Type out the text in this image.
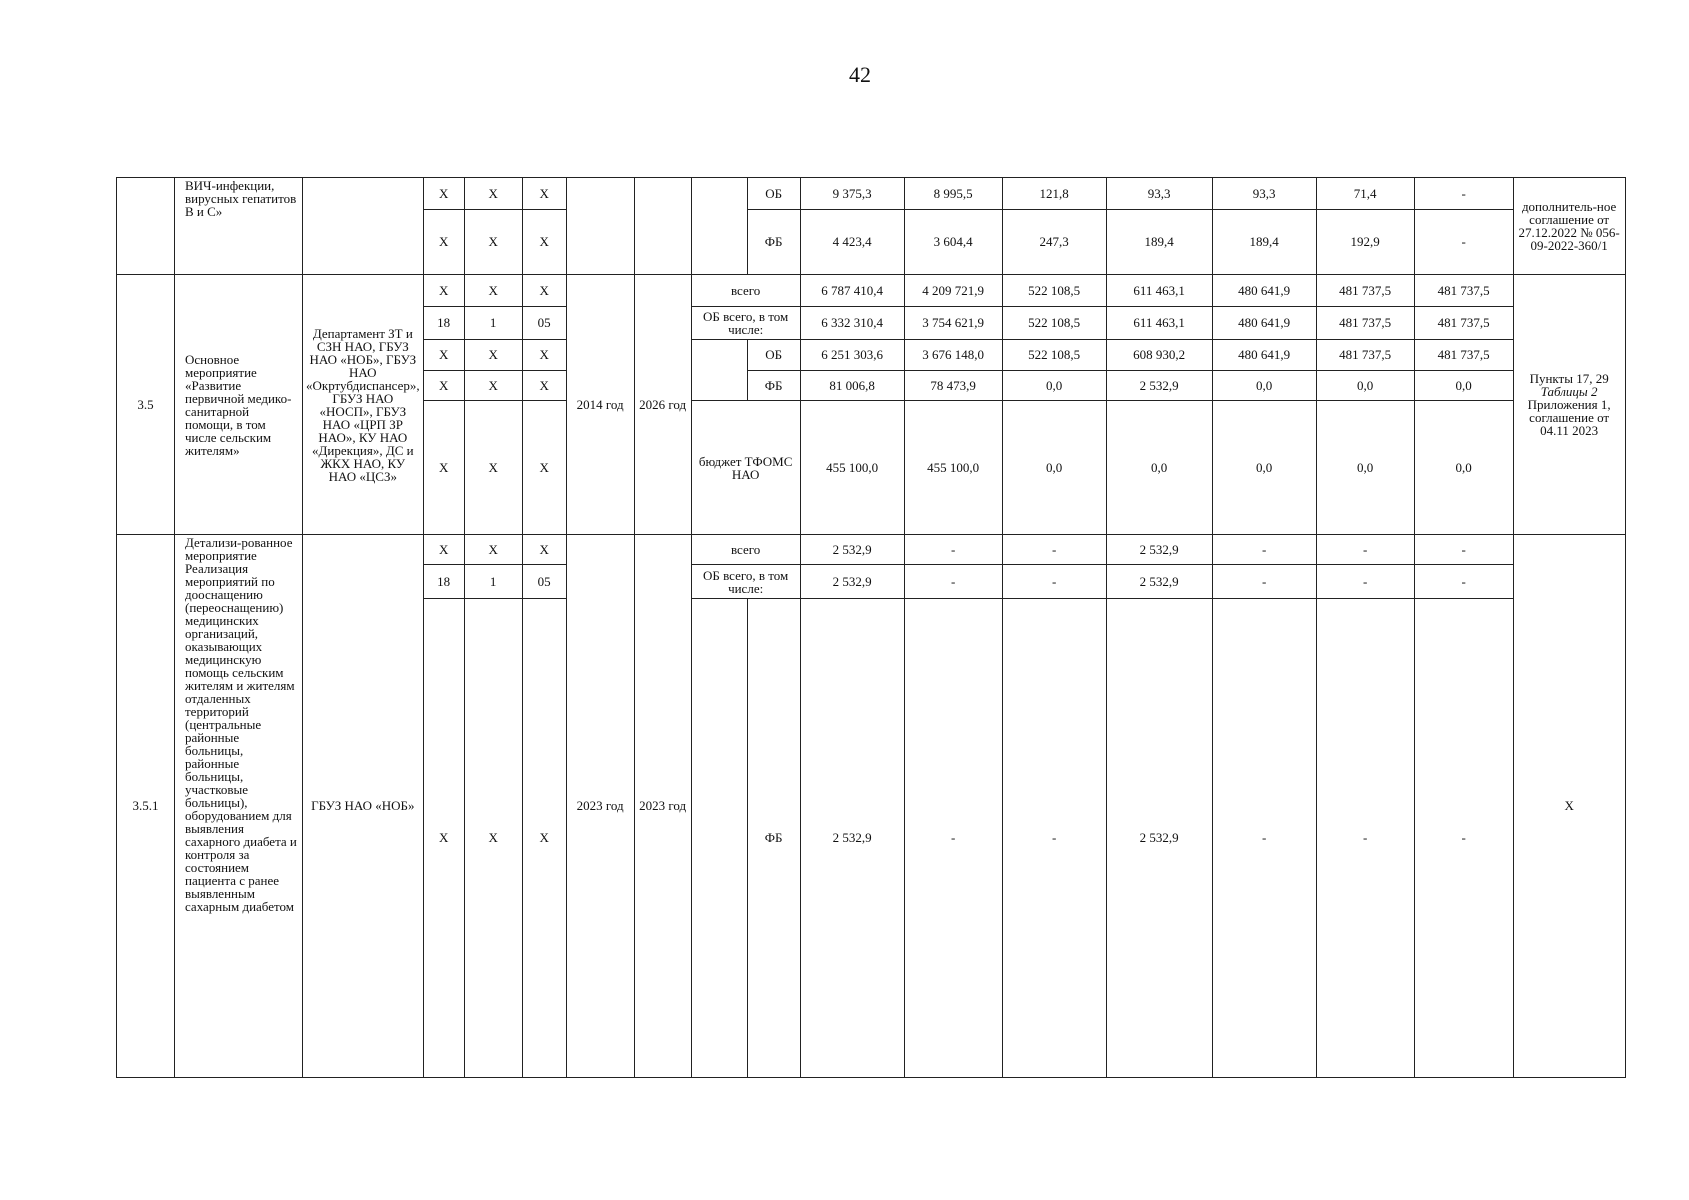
42
	ВИЧ-инфекции, вирусных гепатитов В и С»		X	X	X				ОБ	9 375,3	8 995,5	121,8	93,3	93,3	71,4	-	дополнитель-ное соглашение от 27.12.2022 № 056-09-2022-360/1
			X	X	X				ФБ	4 423,4	3 604,4	247,3	189,4	189,4	192,9	-	
3.5	Основное мероприятие «Развитие первичной медико-санитарной помощи, в том числе сельским жителям»	Департамент ЗТ и СЗН НАО, ГБУЗ НАО «НОБ», ГБУЗ НАО «Окртубдиспансер», ГБУЗ НАО «НОСП», ГБУЗ НАО «ЦРП ЗР НАО», КУ НАО «Дирекция», ДС и ЖКХ НАО, КУ НАО «ЦСЗ»	X	X	X	2014 год	2026 год	всего		6 787 410,4	4 209 721,9	522 108,5	611 463,1	480 641,9	481 737,5	481 737,5	Пункты 17, 29
Таблицы 2
Приложения 1, соглашение от 04.11 2023

			18	1	05			ОБ всего, в том числе:		6 332 310,4	3 754 621,9	522 108,5	611 463,1	480 641,9	481 737,5	481 737,5	
			X	X	X				ОБ	6 251 303,6	3 676 148,0	522 108,5	608 930,2	480 641,9	481 737,5	481 737,5	
			X	X	X				ФБ	81 006,8	78 473,9	0,0	2 532,9	0,0	0,0	0,0	
			X	X	X			бюджет ТФОМС НАО		455 100,0	455 100,0	0,0	0,0	0,0	0,0	0,0	
3.5.1	Детализи-рованное мероприятие Реализация мероприятий по дооснащению (переоснащению) медицинских организаций, оказывающих медицинскую помощь сельским жителям и жителям отдаленных территорий (центральные районные больницы, районные больницы, участковые больницы), оборудованием для выявления сахарного диабета и контроля за состоянием пациента с ранее выявленным сахарным диабетом	ГБУЗ НАО «НОБ»	X	X	X	2023 год	2023 год	всего		2 532,9	-	-	2 532,9	-	-	-	X
			18	1	05			ОБ всего, в том числе:		2 532,9	-	-	2 532,9	-	-	-	
			X	X	X				ФБ	2 532,9	-	-	2 532,9	-	-	-	
